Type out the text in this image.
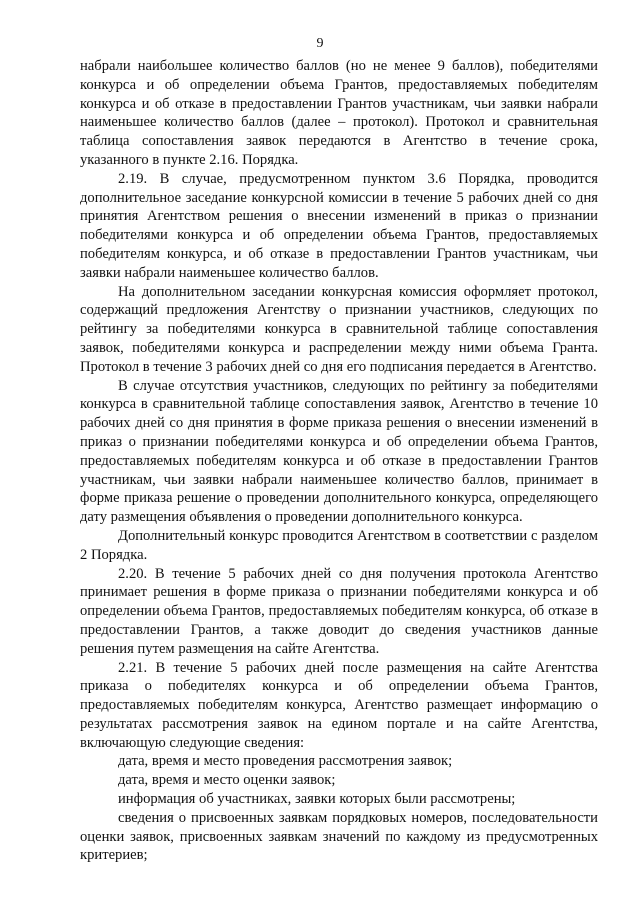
9

набрали наибольшее количество баллов (но не менее 9 баллов), победителями конкурса и об определении объема Грантов, предоставляемых победителям конкурса и об отказе в предоставлении Грантов участникам, чьи заявки набрали наименьшее количество баллов (далее – протокол). Протокол и сравнительная таблица сопоставления заявок передаются в Агентство в течение срока, указанного в пункте 2.16. Порядка.

2.19. В случае, предусмотренном пунктом 3.6 Порядка, проводится дополнительное заседание конкурсной комиссии в течение 5 рабочих дней со дня принятия Агентством решения о внесении изменений в приказ о признании победителями конкурса и об определении объема Грантов, предоставляемых победителям конкурса, и об отказе в предоставлении Грантов участникам, чьи заявки набрали наименьшее количество баллов.

На дополнительном заседании конкурсная комиссия оформляет протокол, содержащий предложения Агентству о признании участников, следующих по рейтингу за победителями конкурса в сравнительной таблице сопоставления заявок, победителями конкурса и распределении между ними объема Гранта. Протокол в течение 3 рабочих дней со дня его подписания передается в Агентство.

В случае отсутствия участников, следующих по рейтингу за победителями конкурса в сравнительной таблице сопоставления заявок, Агентство в течение 10 рабочих дней со дня принятия в форме приказа решения о внесении изменений в приказ о признании победителями конкурса и об определении объема Грантов, предоставляемых победителям конкурса и об отказе в предоставлении Грантов участникам, чьи заявки набрали наименьшее количество баллов, принимает в форме приказа решение о проведении дополнительного конкурса, определяющего дату размещения объявления о проведении дополнительного конкурса.

Дополнительный конкурс проводится Агентством в соответствии с разделом 2 Порядка.

2.20. В течение 5 рабочих дней со дня получения протокола Агентство принимает решения в форме приказа о признании победителями конкурса и об определении объема Грантов, предоставляемых победителям конкурса, об отказе в предоставлении Грантов, а также доводит до сведения участников данные решения путем размещения на сайте Агентства.

2.21. В течение 5 рабочих дней после размещения на сайте Агентства приказа о победителях конкурса и об определении объема Грантов, предоставляемых победителям конкурса, Агентство размещает информацию о результатах рассмотрения заявок на едином портале и на сайте Агентства, включающую следующие сведения:

дата, время и место проведения рассмотрения заявок;

дата, время и место оценки заявок;

информация об участниках, заявки которых были рассмотрены;

сведения о присвоенных заявкам порядковых номеров, последовательности оценки заявок, присвоенных заявкам значений по каждому из предусмотренных критериев;
